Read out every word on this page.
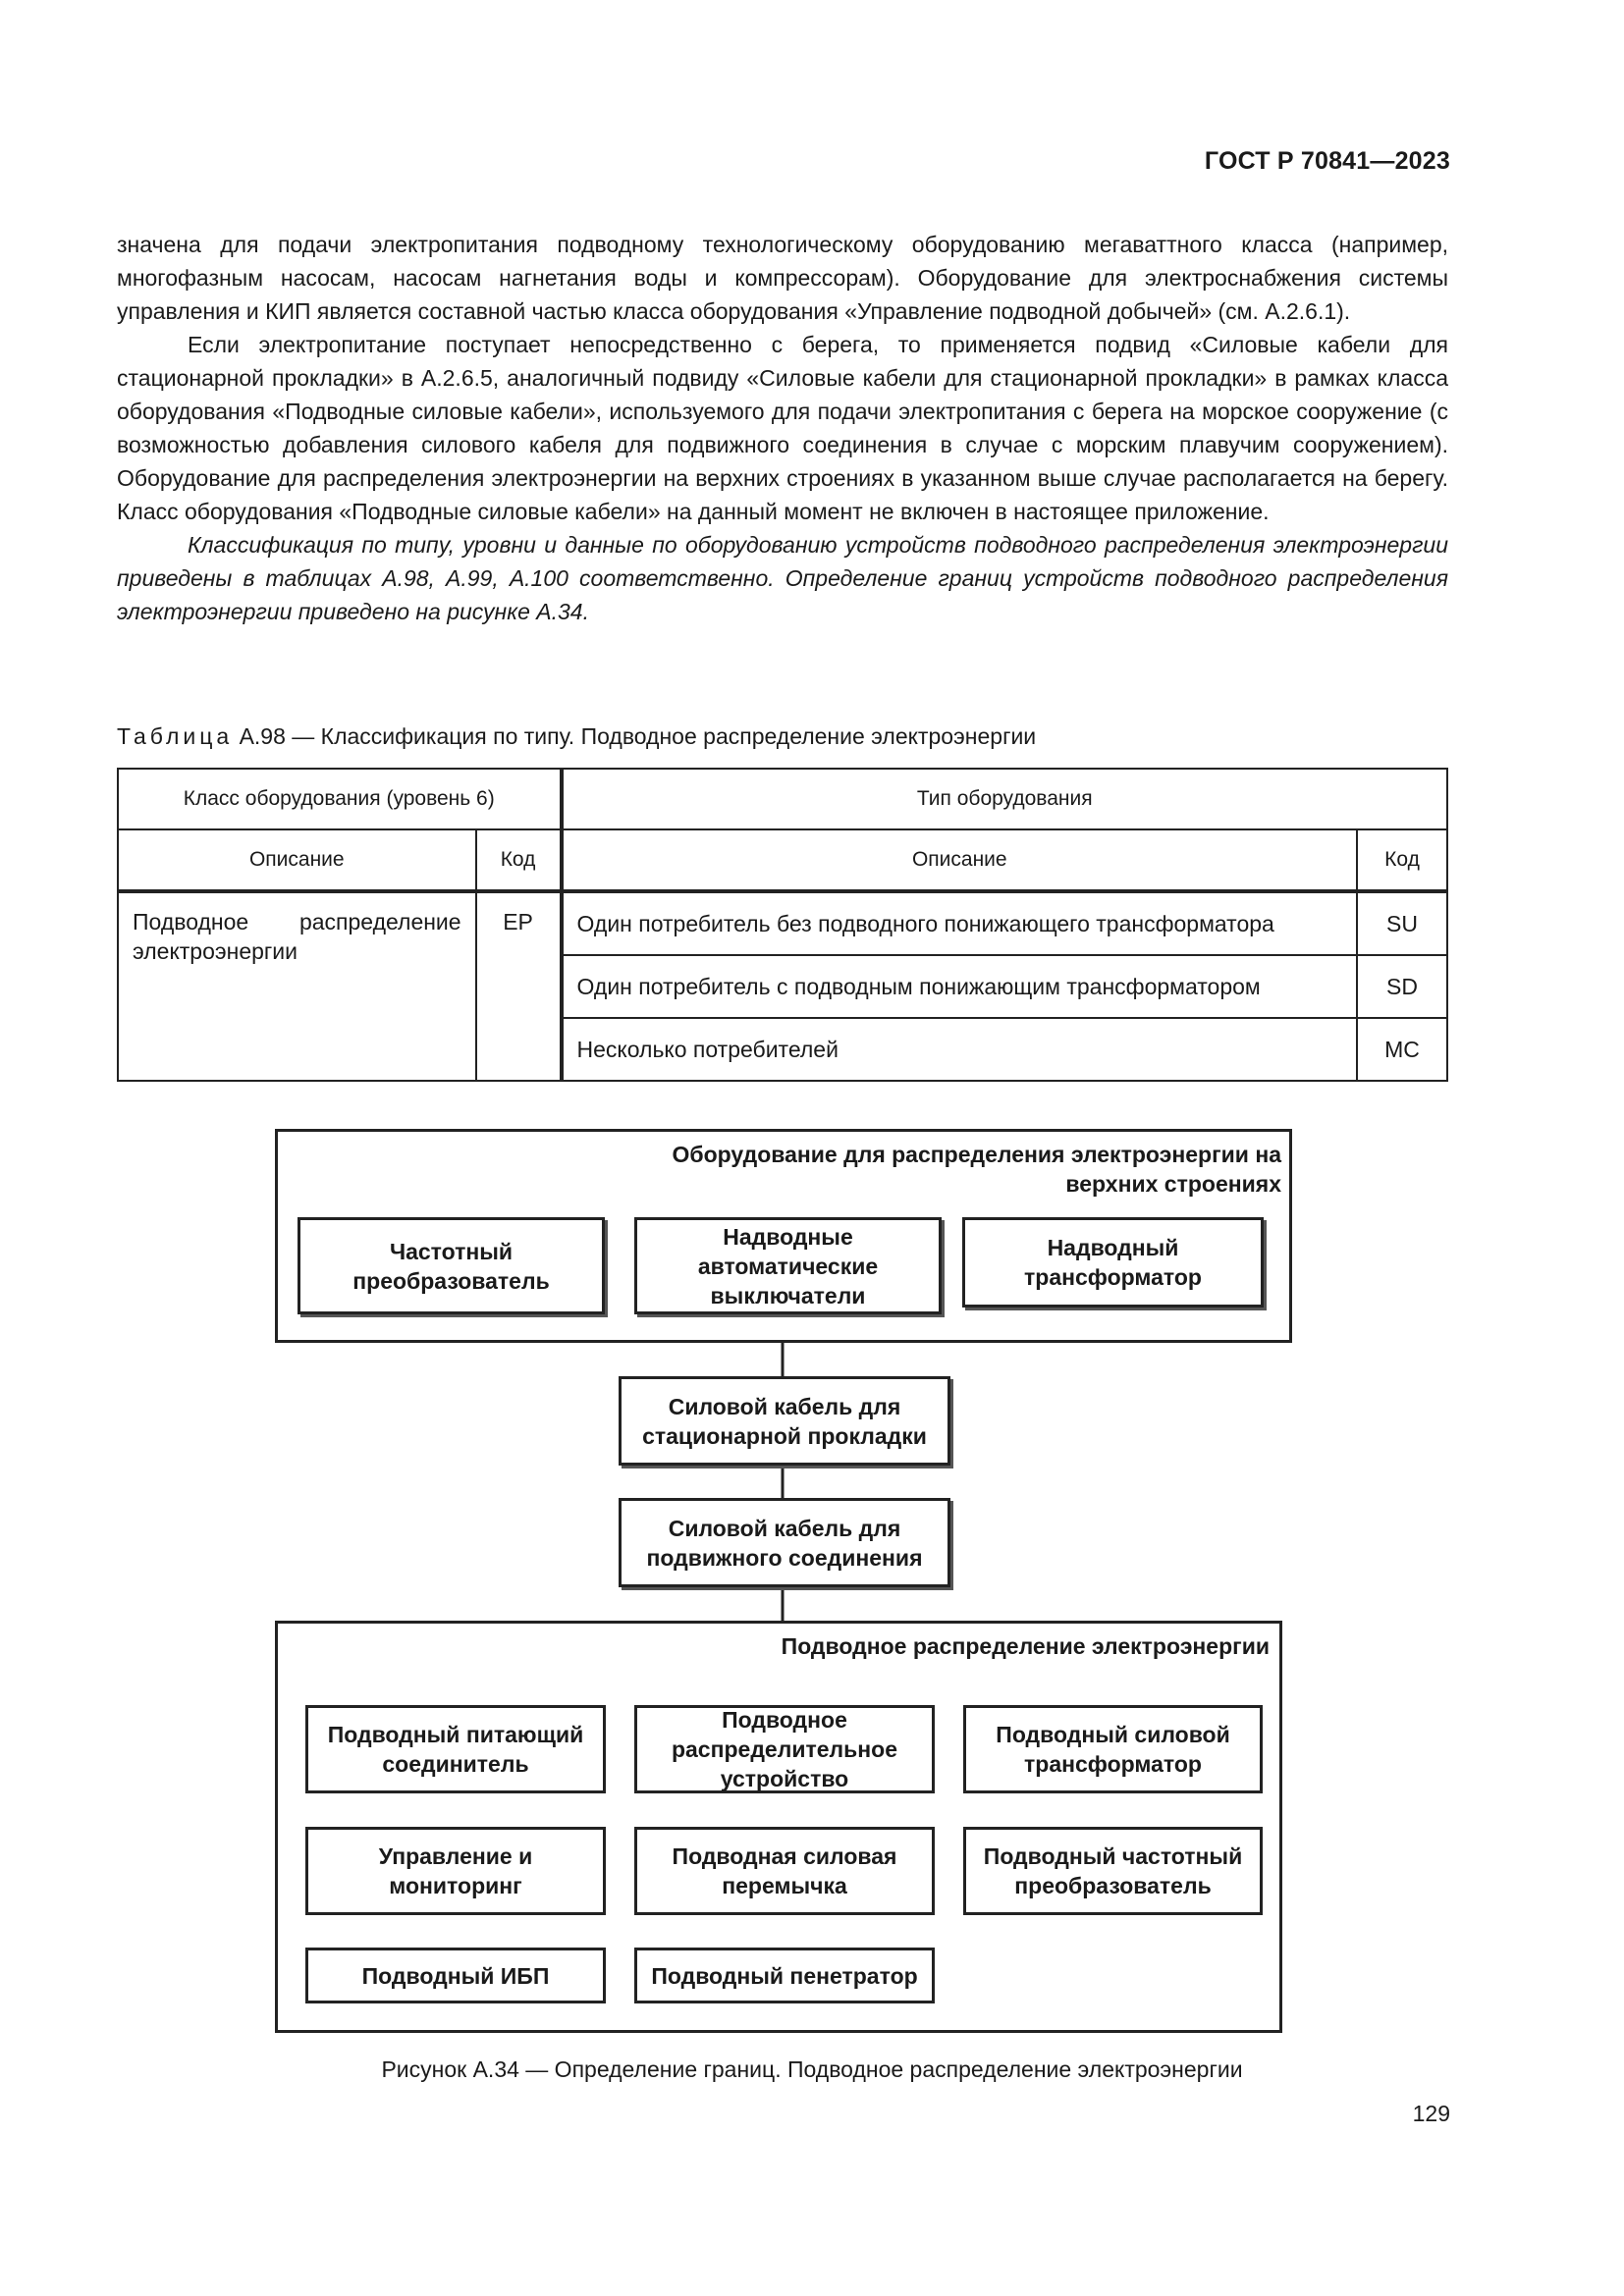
ГОСТ Р 70841—2023

значена для подачи электропитания подводному технологическому оборудованию мегаваттного класса (например, многофазным насосам, насосам нагнетания воды и компрессорам). Оборудование для электроснабжения системы управления и КИП является составной частью класса оборудования «Управление подводной добычей» (см. А.2.6.1).

Если электропитание поступает непосредственно с берега, то применяется подвид «Силовые кабели для стационарной прокладки» в А.2.6.5, аналогичный подвиду «Силовые кабели для стационарной прокладки» в рамках класса оборудования «Подводные силовые кабели», используемого для подачи электропитания с берега на морское сооружение (с возможностью добавления силового кабеля для подвижного соединения в случае с морским плавучим сооружением). Оборудование для распределения электроэнергии на верхних строениях в указанном выше случае располагается на берегу. Класс оборудования «Подводные силовые кабели» на данный момент не включен в настоящее приложение.

Классификация по типу, уровни и данные по оборудованию устройств подводного распределения электроэнергии приведены в таблицах А.98, А.99, А.100 соответственно. Определение границ устройств подводного распределения электроэнергии приведено на рисунке А.34.

Таблица А.98 — Классификация по типу. Подводное распределение электроэнергии
Класс оборудования (уровень 6)		Тип оборудования	
Описание	Код	Описание	Код
Подводное распределение электроэнергии	EP	Один потребитель без подводного понижающего трансформатора	SU
		Один потребитель с подводным понижающим трансформатором	SD
		Несколько потребителей	MC
Оборудование для распределения электроэнергии на верхних строениях
Частотный преобразователь
Надводные автоматические выключатели
Надводный трансформатор
Силовой кабель для стационарной прокладки
Силовой кабель для подвижного соединения
Подводное распределение электроэнергии
Подводный питающий соединитель
Подводное распределительное устройство
Подводный силовой трансформатор
Управление и мониторинг
Подводная силовая перемычка
Подводный частотный преобразователь
Подводный ИБП	Подводный пенетратор
Рисунок А.34 — Определение границ. Подводное распределение электроэнергии
129
